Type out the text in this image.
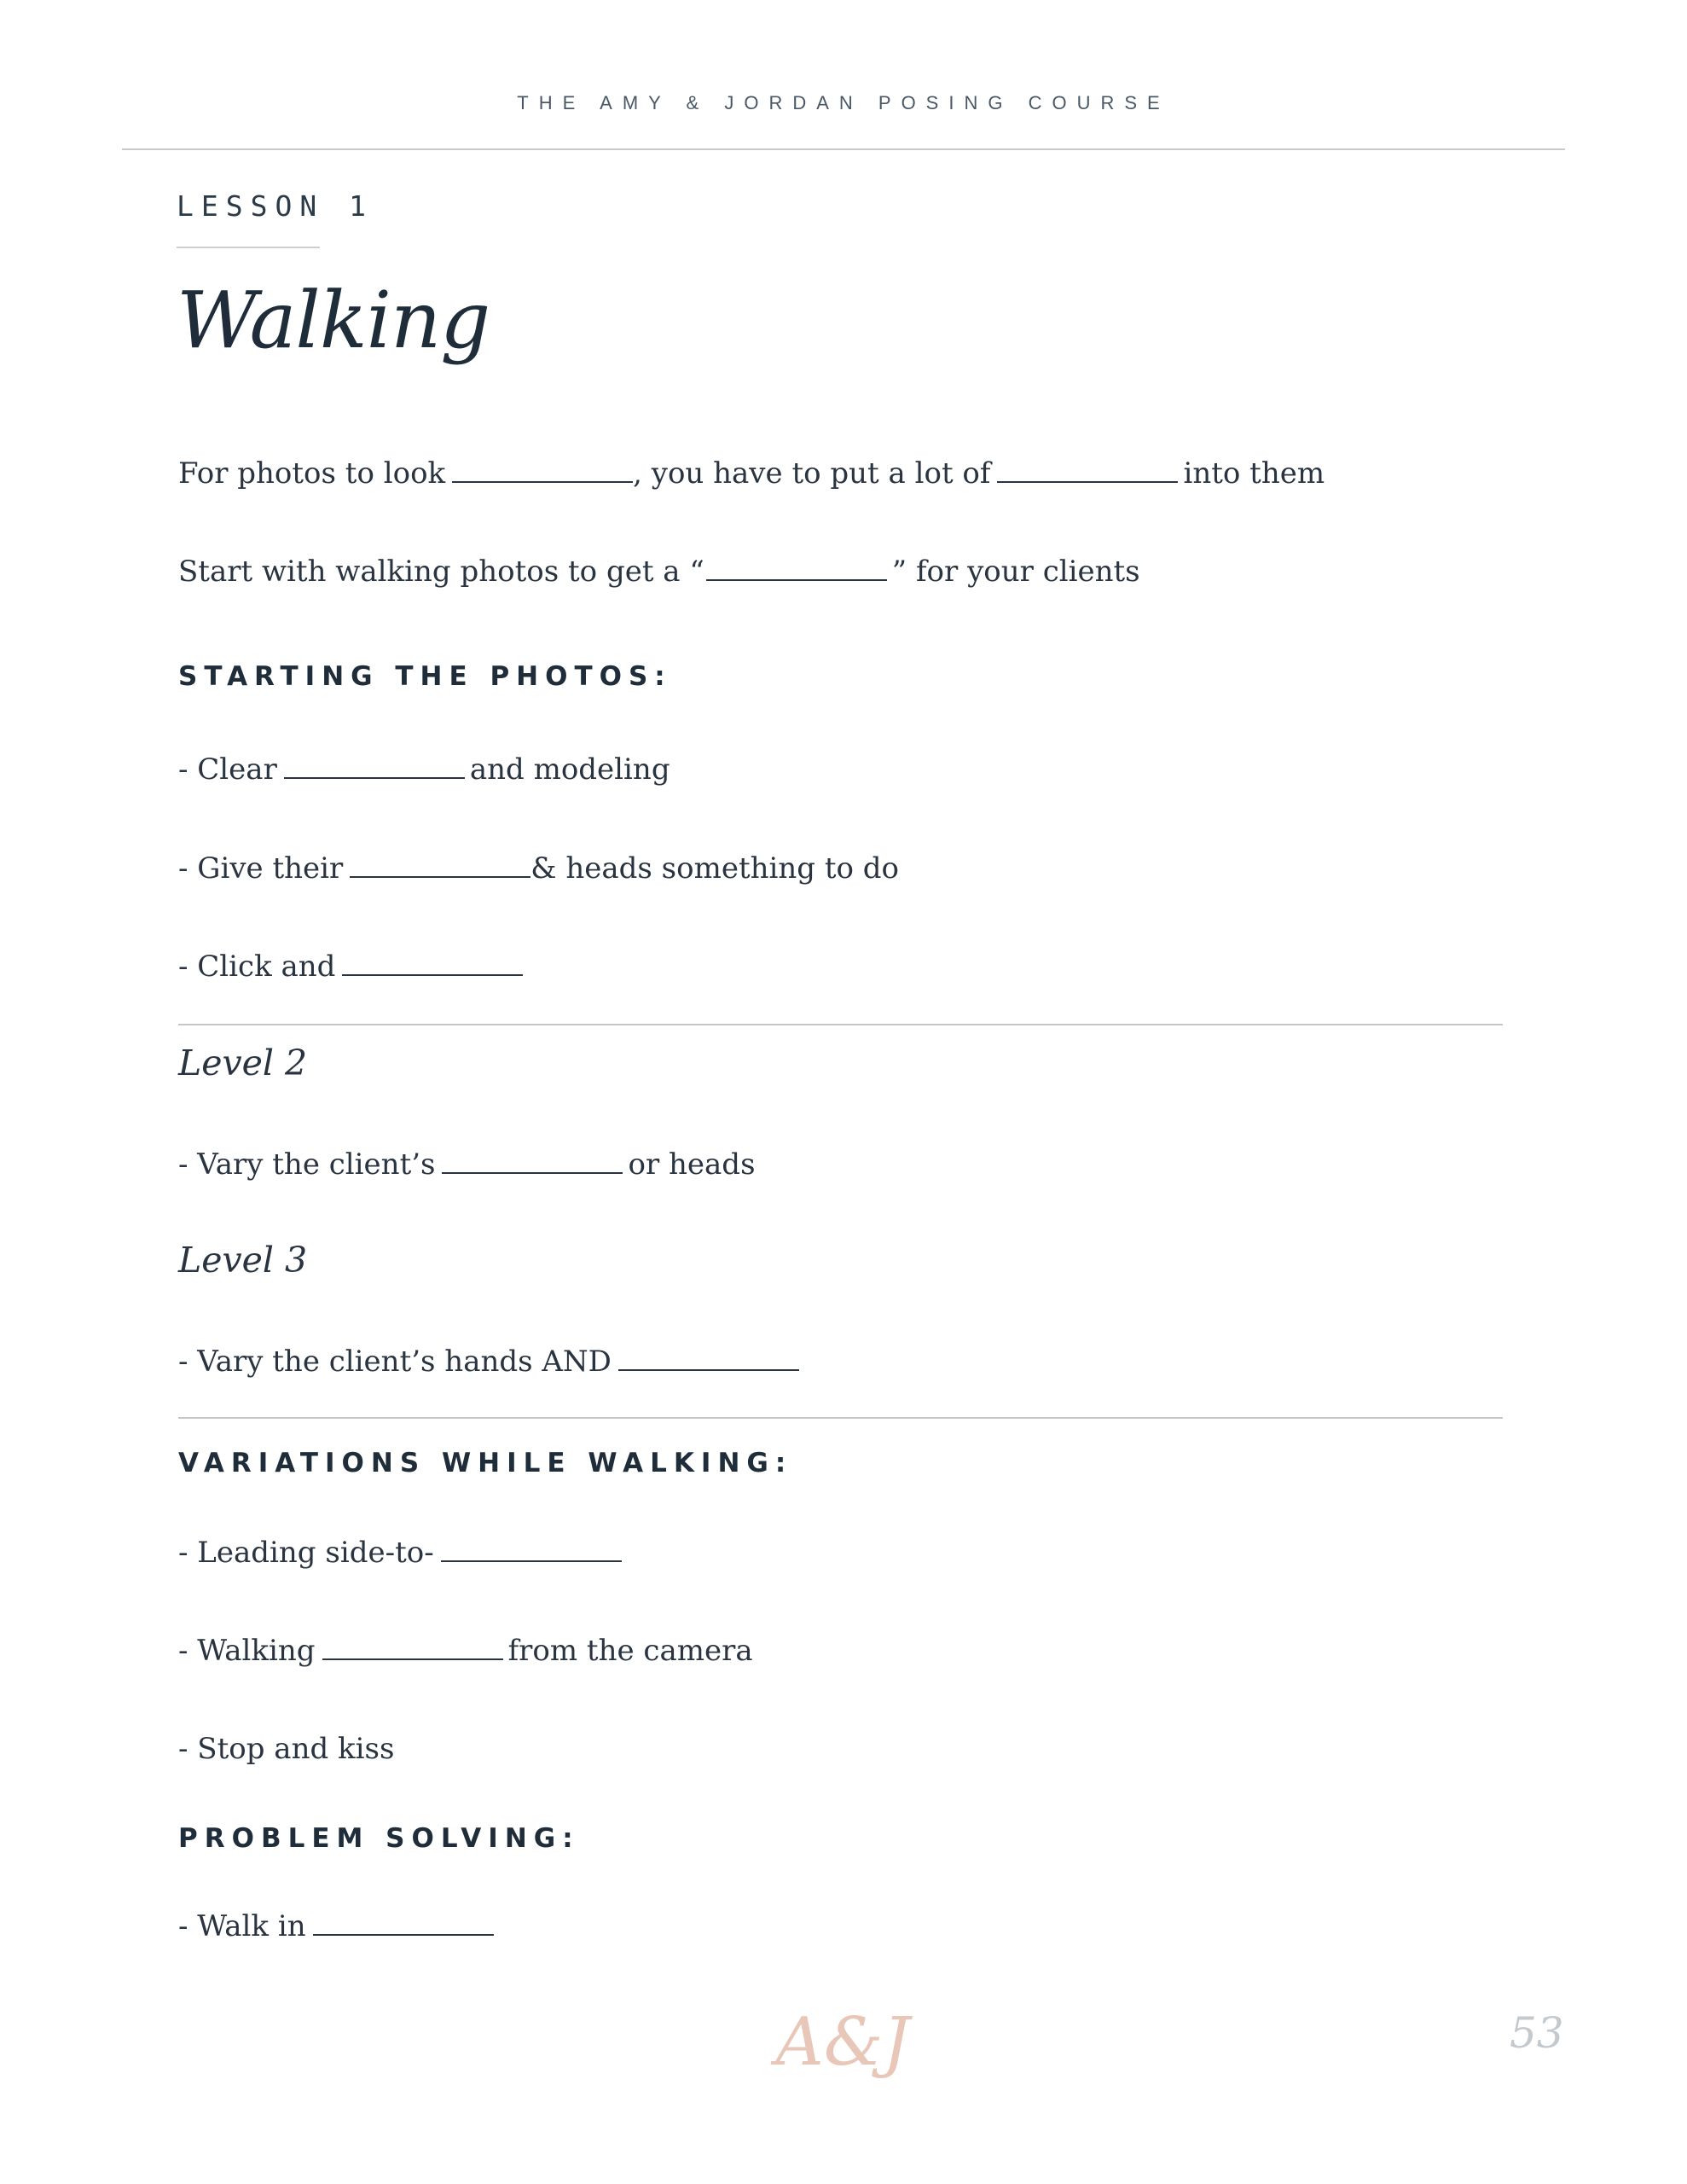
THE AMY & JORDAN POSING COURSE
LESSON 1
Walking
For photos to look	, you have to put a lot of	into them
Start with walking photos to get a “	” for your clients
STARTING THE PHOTOS:
- Clear	and modeling
- Give their	& heads something to do
- Click and
Level 2
- Vary the client’s	or heads
Level 3
- Vary the client’s hands AND
VARIATIONS WHILE WALKING:
- Leading side-to-
- Walking	from the camera
- Stop and kiss
PROBLEM SOLVING:
- Walk in
A&J	53
